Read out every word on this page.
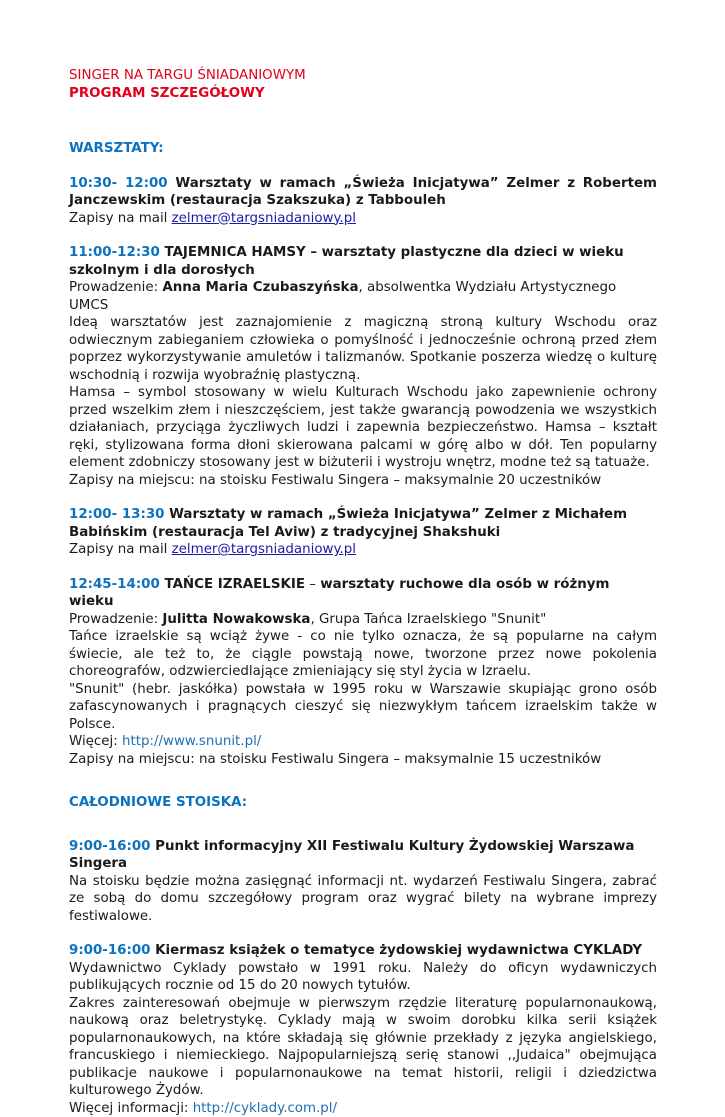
SINGER NA TARGU ŚNIADANIOWYM
PROGRAM SZCZEGÓŁOWY
WARSZTATY:
10:30- 12:00 Warsztaty w ramach „Świeża Inicjatywa” Zelmer z Robertem Janczewskim (restauracja Szakszuka) z Tabbouleh
Zapisy na mail zelmer@targsniadaniowy.pl
11:00-12:30 TAJEMNICA HAMSY – warsztaty plastyczne dla dzieci w wieku szkolnym i dla dorosłych
Prowadzenie: Anna Maria Czubaszyńska, absolwentka Wydziału Artystycznego UMCS
Ideą warsztatów jest zaznajomienie z magiczną stroną kultury Wschodu oraz odwiecznym zabieganiem człowieka o pomyślność i jednocześnie ochroną przed złem poprzez wykorzystywanie amuletów i talizmanów. Spotkanie poszerza wiedzę o kulturę wschodnią i rozwija wyobraźnię plastyczną.
Hamsa – symbol stosowany w wielu Kulturach Wschodu jako zapewnienie ochrony przed wszelkim złem i nieszczęściem, jest także gwarancją powodzenia we wszystkich działaniach, przyciąga życzliwych ludzi i zapewnia bezpieczeństwo. Hamsa – kształt ręki, stylizowana forma dłoni skierowana palcami w górę albo w dół. Ten popularny element zdobniczy stosowany jest w biżuterii i wystroju wnętrz, modne też są tatuaże.
Zapisy na miejscu: na stoisku Festiwalu Singera – maksymalnie 20 uczestników
12:00- 13:30 Warsztaty w ramach „Świeża Inicjatywa” Zelmer z Michałem Babińskim (restauracja Tel Aviw) z tradycyjnej Shakshuki
Zapisy na mail zelmer@targsniadaniowy.pl
12:45-14:00 TAŃCE IZRAELSKIE – warsztaty ruchowe dla osób w różnym wieku
Prowadzenie: Julitta Nowakowska, Grupa Tańca Izraelskiego "Snunit"
Tańce izraelskie są wciąż żywe - co nie tylko oznacza, że są popularne na całym świecie, ale też to, że ciągle powstają nowe, tworzone przez nowe pokolenia choreografów, odzwierciedlające zmieniający się styl życia w Izraelu.
"Snunit" (hebr. jaskółka) powstała w 1995 roku w Warszawie skupiając grono osób zafascynowanych i pragnących cieszyć się niezwykłym tańcem izraelskim także w Polsce.
Więcej: http://www.snunit.pl/
Zapisy na miejscu: na stoisku Festiwalu Singera – maksymalnie 15 uczestników
CAŁODNIOWE STOISKA:
9:00-16:00 Punkt informacyjny XII Festiwalu Kultury Żydowskiej Warszawa Singera
Na stoisku będzie można zasięgnąć informacji nt. wydarzeń Festiwalu Singera, zabrać ze sobą do domu szczegółowy program oraz wygrać bilety na wybrane imprezy festiwalowe.
9:00-16:00 Kiermasz książek o tematyce żydowskiej wydawnictwa CYKLADY
Wydawnictwo Cyklady powstało w 1991 roku. Należy do oficyn wydawniczych publikujących rocznie od 15 do 20 nowych tytułów.
Zakres zainteresowań obejmuje w pierwszym rzędzie literaturę popularnonaukową, naukową oraz beletrystykę. Cyklady mają w swoim dorobku kilka serii książek popularnonaukowych, na które składają się głównie przekłady z języka angielskiego, francuskiego i niemieckiego. Najpopularniejszą serię stanowi ,,Judaica" obejmująca publikacje naukowe i popularnonaukowe na temat historii, religii i dziedzictwa kulturowego Żydów.
Więcej informacji: http://cyklady.com.pl/
